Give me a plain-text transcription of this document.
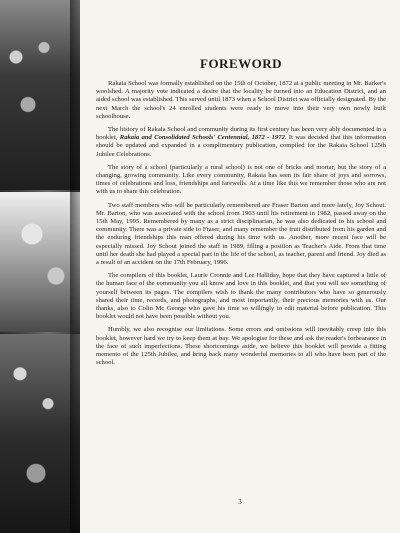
FOREWORD

Rakaia School was formally established on the 15th of October, 1872 at a public meeting in Mr. Barker's woolshed. A majority vote indicated a desire that the locality be turned into an Education District, and an aided school was established. This served until 1873 when a School District was officially designated. By the next March the school's 24 enrolled students were ready to move into their very own newly built schoolhouse.

The history of Rakaia School and community during its first century has been very ably documented in a booklet, Rakaia and Consolidated Schools' Centennial, 1872 - 1972. It was decided that this information should be updated and expanded in a complimentary publication, compiled for the Rakaia School 125th Jubilee Celebrations.

The story of a school (particularly a rural school) is not one of bricks and mortar, but the story of a changing, growing community. Like every community, Rakaia has seen its fair share of joys and sorrows, times of celebrations and loss, friendships and farewells. At a time like this we remember those who are not with us to share this celebration.

Two staff members who will be particularly remembered are Fraser Barton and more lately, Joy Schout. Mr. Barton, who was associated with the school from 1963 until his retirement in 1982, passed away on the 15th May, 1995. Remembered by many as a strict disciplinarian, he was also dedicated to his school and community. There was a private side to Fraser, and many remember the fruit distributed from his garden and the enduring friendships this man offered during his time with us. Another, more recent face will be especially missed. Joy Schout joined the staff in 1989, filling a position as Teacher's Aide. From that time until her death she had played a special part in the life of the school, as teacher, parent and friend. Joy died as a result of an accident on the 17th February, 1996.

The compilers of this booklet, Laurie Cronnie and Lee Halliday, hope that they have captured a little of the human face of the community you all know and love in this booklet, and that you will see something of yourself between its pages. The compilers wish to thank the many contributors who have so generously shared their time, records, and photographs, and most importantly, their precious memories with us. Our thanks, also to Colin Mc George who gave his time so willingly to edit material before publication. This booklet would not have been possible without you.

Humbly, we also recognise our limitations. Some errors and omissions will inevitably creep into this booklet, however hard we try to keep them at bay. We apologise for these and ask the reader's forbearance in the face of such imperfections. These shortcomings aside, we believe this booklet will provide a fitting memento of the 125th Jubilee, and bring back many wonderful memories to all who have been part of the school.

3
